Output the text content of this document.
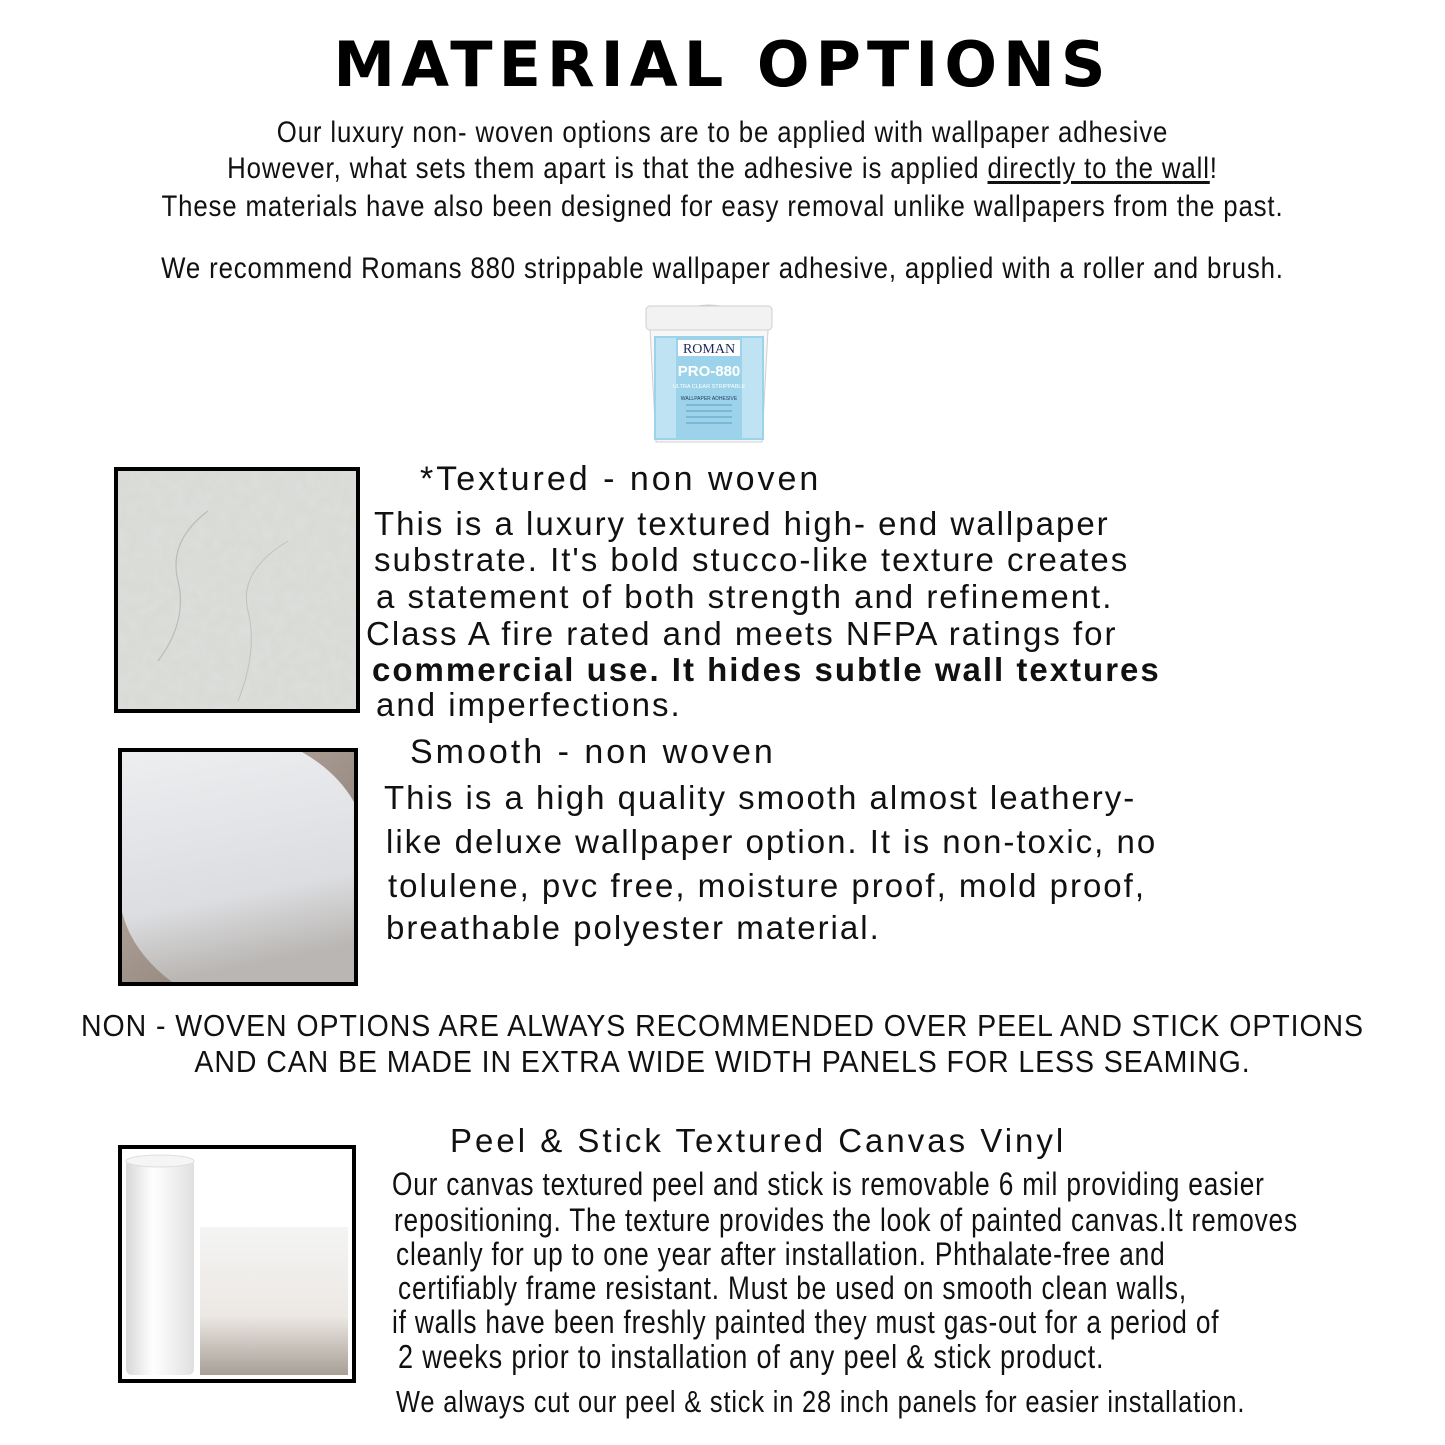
MATERIAL OPTIONS
Our luxury non- woven options are to be applied with wallpaper adhesive
However, what sets them apart is that the adhesive is applied directly to the wall!
These materials have also been designed for easy removal unlike wallpapers from the past.
We recommend Romans 880 strippable wallpaper adhesive, applied with a roller and brush.
ROMAN
PRO-880
ULTRA CLEAR STRIPPABLE
WALLPAPER ADHESIVE
*Textured - non woven
This is a luxury textured high- end wallpaper
substrate. It's bold stucco-like texture creates
a statement of both strength and refinement.
Class A fire rated and meets NFPA ratings for
commercial use. It hides subtle wall textures
and imperfections.
Smooth - non woven
This is a high quality smooth almost leathery-
like deluxe wallpaper option. It is non-toxic, no
tolulene, pvc free, moisture proof, mold proof,
breathable polyester material.
NON - WOVEN OPTIONS ARE ALWAYS RECOMMENDED OVER PEEL AND STICK OPTIONS
AND CAN BE MADE IN EXTRA WIDE WIDTH PANELS FOR LESS SEAMING.
Peel & Stick Textured Canvas Vinyl
Our canvas textured peel and stick is removable 6 mil providing easier
repositioning. The texture provides the look of painted canvas.It removes
cleanly for up to one year after installation. Phthalate-free and
certifiably frame resistant. Must be used on smooth clean walls,
if walls have been freshly painted they must gas-out for a period of
2 weeks prior to installation of any peel & stick product.
We always cut our peel & stick in 28 inch panels for easier installation.
